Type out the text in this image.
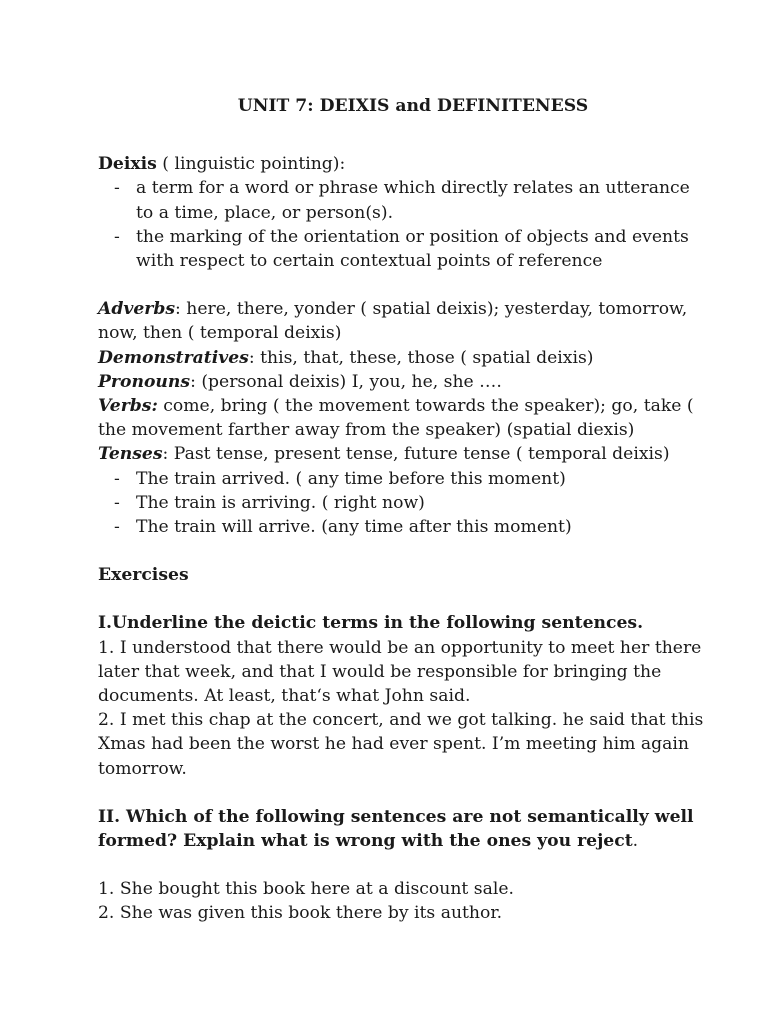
UNIT 7: DEIXIS and DEFINITENESS

Deixis ( linguistic pointing):

- a term for a word or phrase which directly relates an utterance to a time, place, or person(s).
- the marking of the orientation or position of objects and events with respect to certain contextual points of reference

Adverbs: here, there, yonder ( spatial deixis); yesterday, tomorrow, now, then ( temporal deixis)

Demonstratives: this, that, these, those ( spatial deixis)

Pronouns: (personal deixis) I, you, he, she ….

Verbs: come, bring ( the movement towards the speaker); go, take ( the movement farther away from the speaker) (spatial diexis)

Tenses: Past tense, present tense, future tense ( temporal deixis)

- The train arrived. ( any time before this moment)
- The train is arriving. ( right now)
- The train will arrive. (any time after this moment)

Exercises

I.Underline the deictic terms in the following sentences.

1. I understood that there would be an opportunity to meet her there later that week, and that I would be responsible for bringing the documents. At least, that‘s what John said.

2. I met this chap at the concert, and we got talking. he said that this Xmas had been the worst he had ever spent. I’m meeting him again tomorrow.

II. Which of the following sentences are not semantically well formed? Explain what is wrong with the ones you reject.

1. She bought this book here at a discount sale.

2. She was given this book there by its author.
